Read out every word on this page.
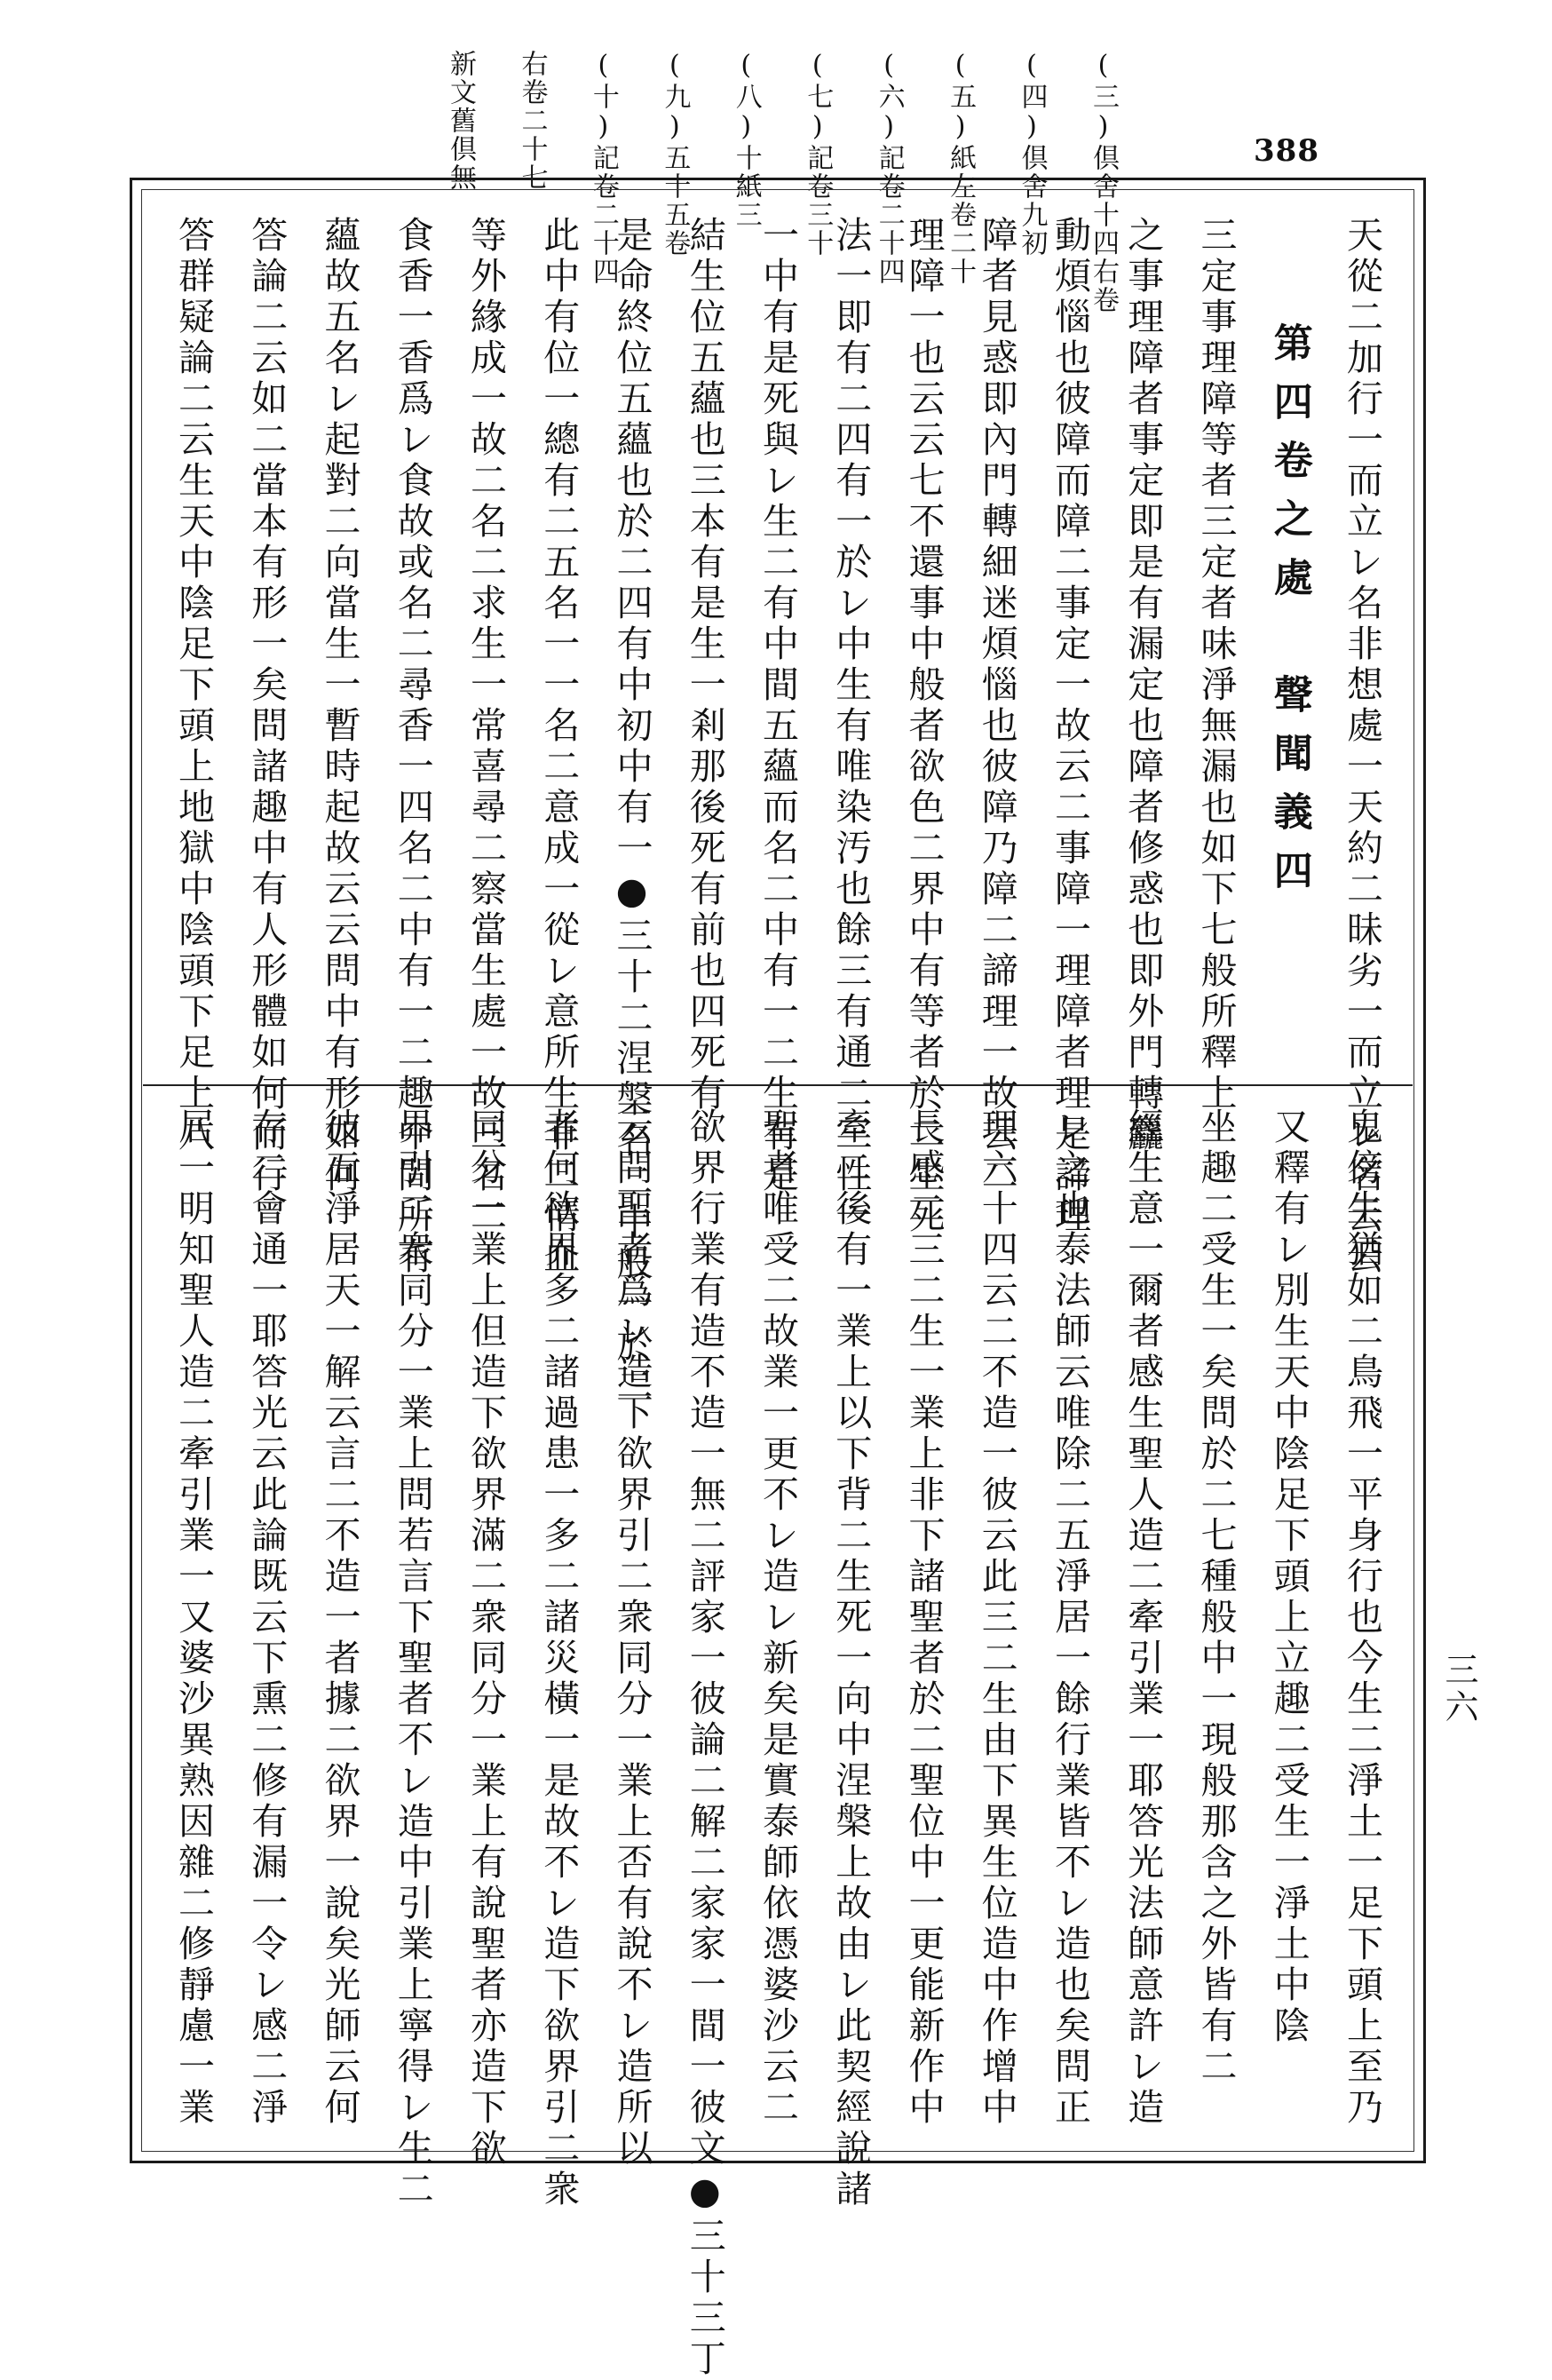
(三)倶舍十四右卷
(四)倶舍九初
(五)紙左卷二十
(六)記卷二十四
(七)記卷三十
(八)十紙三
(九)五十五卷
(十)記卷二十四
右卷二十七
新文舊倶無	388
天從二加行一而立レ名非想處一天約二昧劣一而立レ名云云
第四卷之處　聲聞義四
三定事理障等者三定者味淨無漏也如下七般所釋上
之事理障者事定即是有漏定也障者修惑也即外門轉麤
動煩惱也彼障而障二事定一故云二事障一理障者理是諦理
障者見惑即內門轉細迷煩惱也彼障乃障二諦理一故云二
理障一也云云七不還事中般者欲色二界中有等者於二生死
法一即有二四有一於レ中生有唯染汚也餘三有通二三性一
一中有是死與レ生二有中間五蘊而名二中有一二生有是
結生位五蘊也三本有是生一剎那後死有前也四死有
是命終位五蘊也於二四有中初中有一●三十二涅槃名二中般一於二
此中有位一總有二五名一一名二意成一從レ意所生非二情血
等外緣成一故二名二求生一常喜尋二察當生處一故三名二
食香一香爲レ食故或名二尋香一四名二中有一二趣中間所有
蘊故五名レ起對二向當生一暫時起故云云問中有形如何
答論二云如二當本有形一矣問諸趣中有人形體如何而行
答群疑論二云生天中陰足下頭上地獄中陰頭下足上八
鬼傍生猶如二鳥飛一平身行也今生二淨土一足下頭上至乃
又釋有レ別生天中陰足下頭上立趣二受生一淨土中陰
坐趣二受生一矣問於二七種般中一現般那含之外皆有二
經生意一爾者感生聖人造二牽引業一耶答光法師意許レ造
レ之也泰法師云唯除二五淨居一餘行業皆不レ造也矣問正
理六十四云二不造一彼云此三二生由下異生位造中作增中
長感二三二生一業上非下諸聖者於二聖位中一更能新作中
牽二後有一業上以下背二生死一向中涅槃上故由レ此契經說諸
聖者唯受二故業一更不レ造レ新矣是實泰師依憑婆沙云二
欲界行業有造不造一無二評家一彼論二解二家家一間一彼文●三十三丁
云問聖者爲レ造下欲界引二衆同分一業上否有說不レ造所以
者何欲界多二諸過患一多二諸災橫一是故不レ造下欲界引二衆
同分一業上但造下欲界滿二衆同分一業上有說聖者亦造下欲
界引二衆同分一業上問若言下聖者不レ造中引業上寧得レ生二
彼五淨居天一解云言二不造一者據二欲界一說矣光師云何
存二會通一耶答光云此論既云下熏二修有漏一令レ感二淨
居一明知聖人造二牽引業一又婆沙異熟因雜二修靜慮一業	三六
